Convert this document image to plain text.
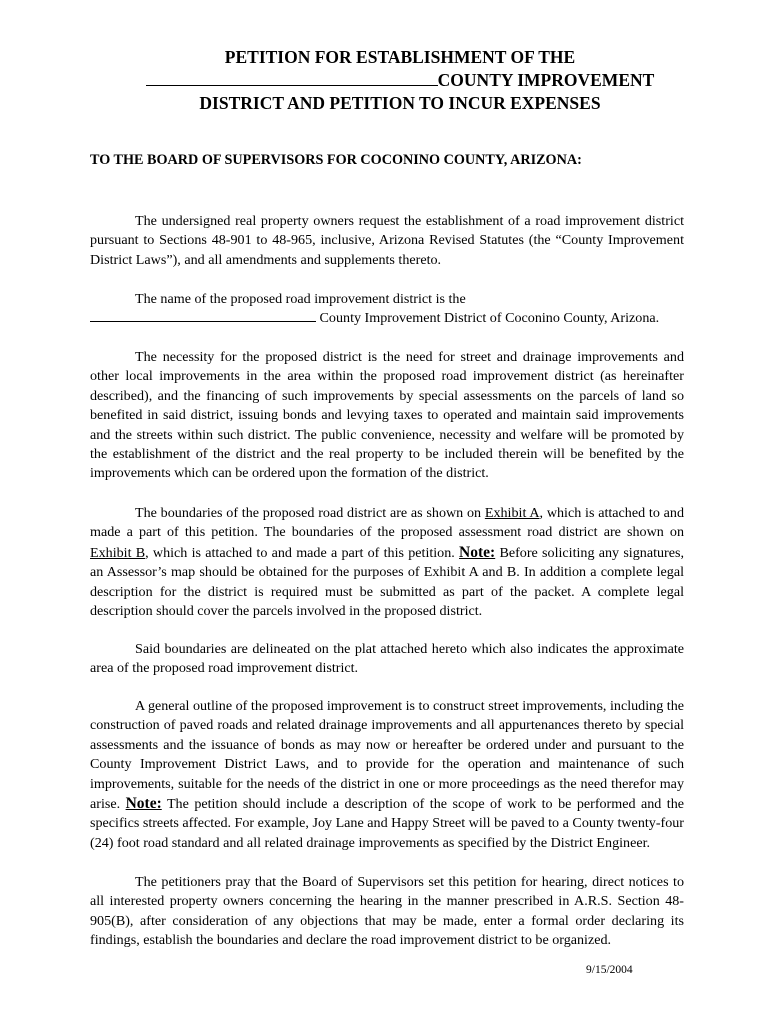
PETITION FOR ESTABLISHMENT OF THE
COUNTY IMPROVEMENT
DISTRICT AND PETITION TO INCUR EXPENSES
TO THE BOARD OF SUPERVISORS FOR COCONINO COUNTY, ARIZONA:
The undersigned real property owners request the establishment of a road improvement district pursuant to Sections 48-901 to 48-965, inclusive, Arizona Revised Statutes (the “County Improvement District Laws”), and all amendments and supplements thereto.
The name of the proposed road improvement district is the
County Improvement District of Coconino County, Arizona.
The necessity for the proposed district is the need for street and drainage improvements and other local improvements in the area within the proposed road improvement district (as hereinafter described), and the financing of such improvements by special assessments on the parcels of land so benefited in said district, issuing bonds and levying taxes to operated and maintain said improvements and the streets within such district. The public convenience, necessity and welfare will be promoted by the establishment of the district and the real property to be included therein will be benefited by the improvements which can be ordered upon the formation of the district.
The boundaries of the proposed road district are as shown on Exhibit A, which is attached to and made a part of this petition. The boundaries of the proposed assessment road district are shown on Exhibit B, which is attached to and made a part of this petition. Note: Before soliciting any signatures, an Assessor’s map should be obtained for the purposes of Exhibit A and B. In addition a complete legal description for the district is required must be submitted as part of the packet. A complete legal description should cover the parcels involved in the proposed district.
Said boundaries are delineated on the plat attached hereto which also indicates the approximate area of the proposed road improvement district.
A general outline of the proposed improvement is to construct street improvements, including the construction of paved roads and related drainage improvements and all appurtenances thereto by special assessments and the issuance of bonds as may now or hereafter be ordered under and pursuant to the County Improvement District Laws, and to provide for the operation and maintenance of such improvements, suitable for the needs of the district in one or more proceedings as the need therefor may arise. Note: The petition should include a description of the scope of work to be performed and the specifics streets affected. For example, Joy Lane and Happy Street will be paved to a County twenty-four (24) foot road standard and all related drainage improvements as specified by the District Engineer.
The petitioners pray that the Board of Supervisors set this petition for hearing, direct notices to all interested property owners concerning the hearing in the manner prescribed in A.R.S. Section 48-905(B), after consideration of any objections that may be made, enter a formal order declaring its findings, establish the boundaries and declare the road improvement district to be organized.
9/15/2004
